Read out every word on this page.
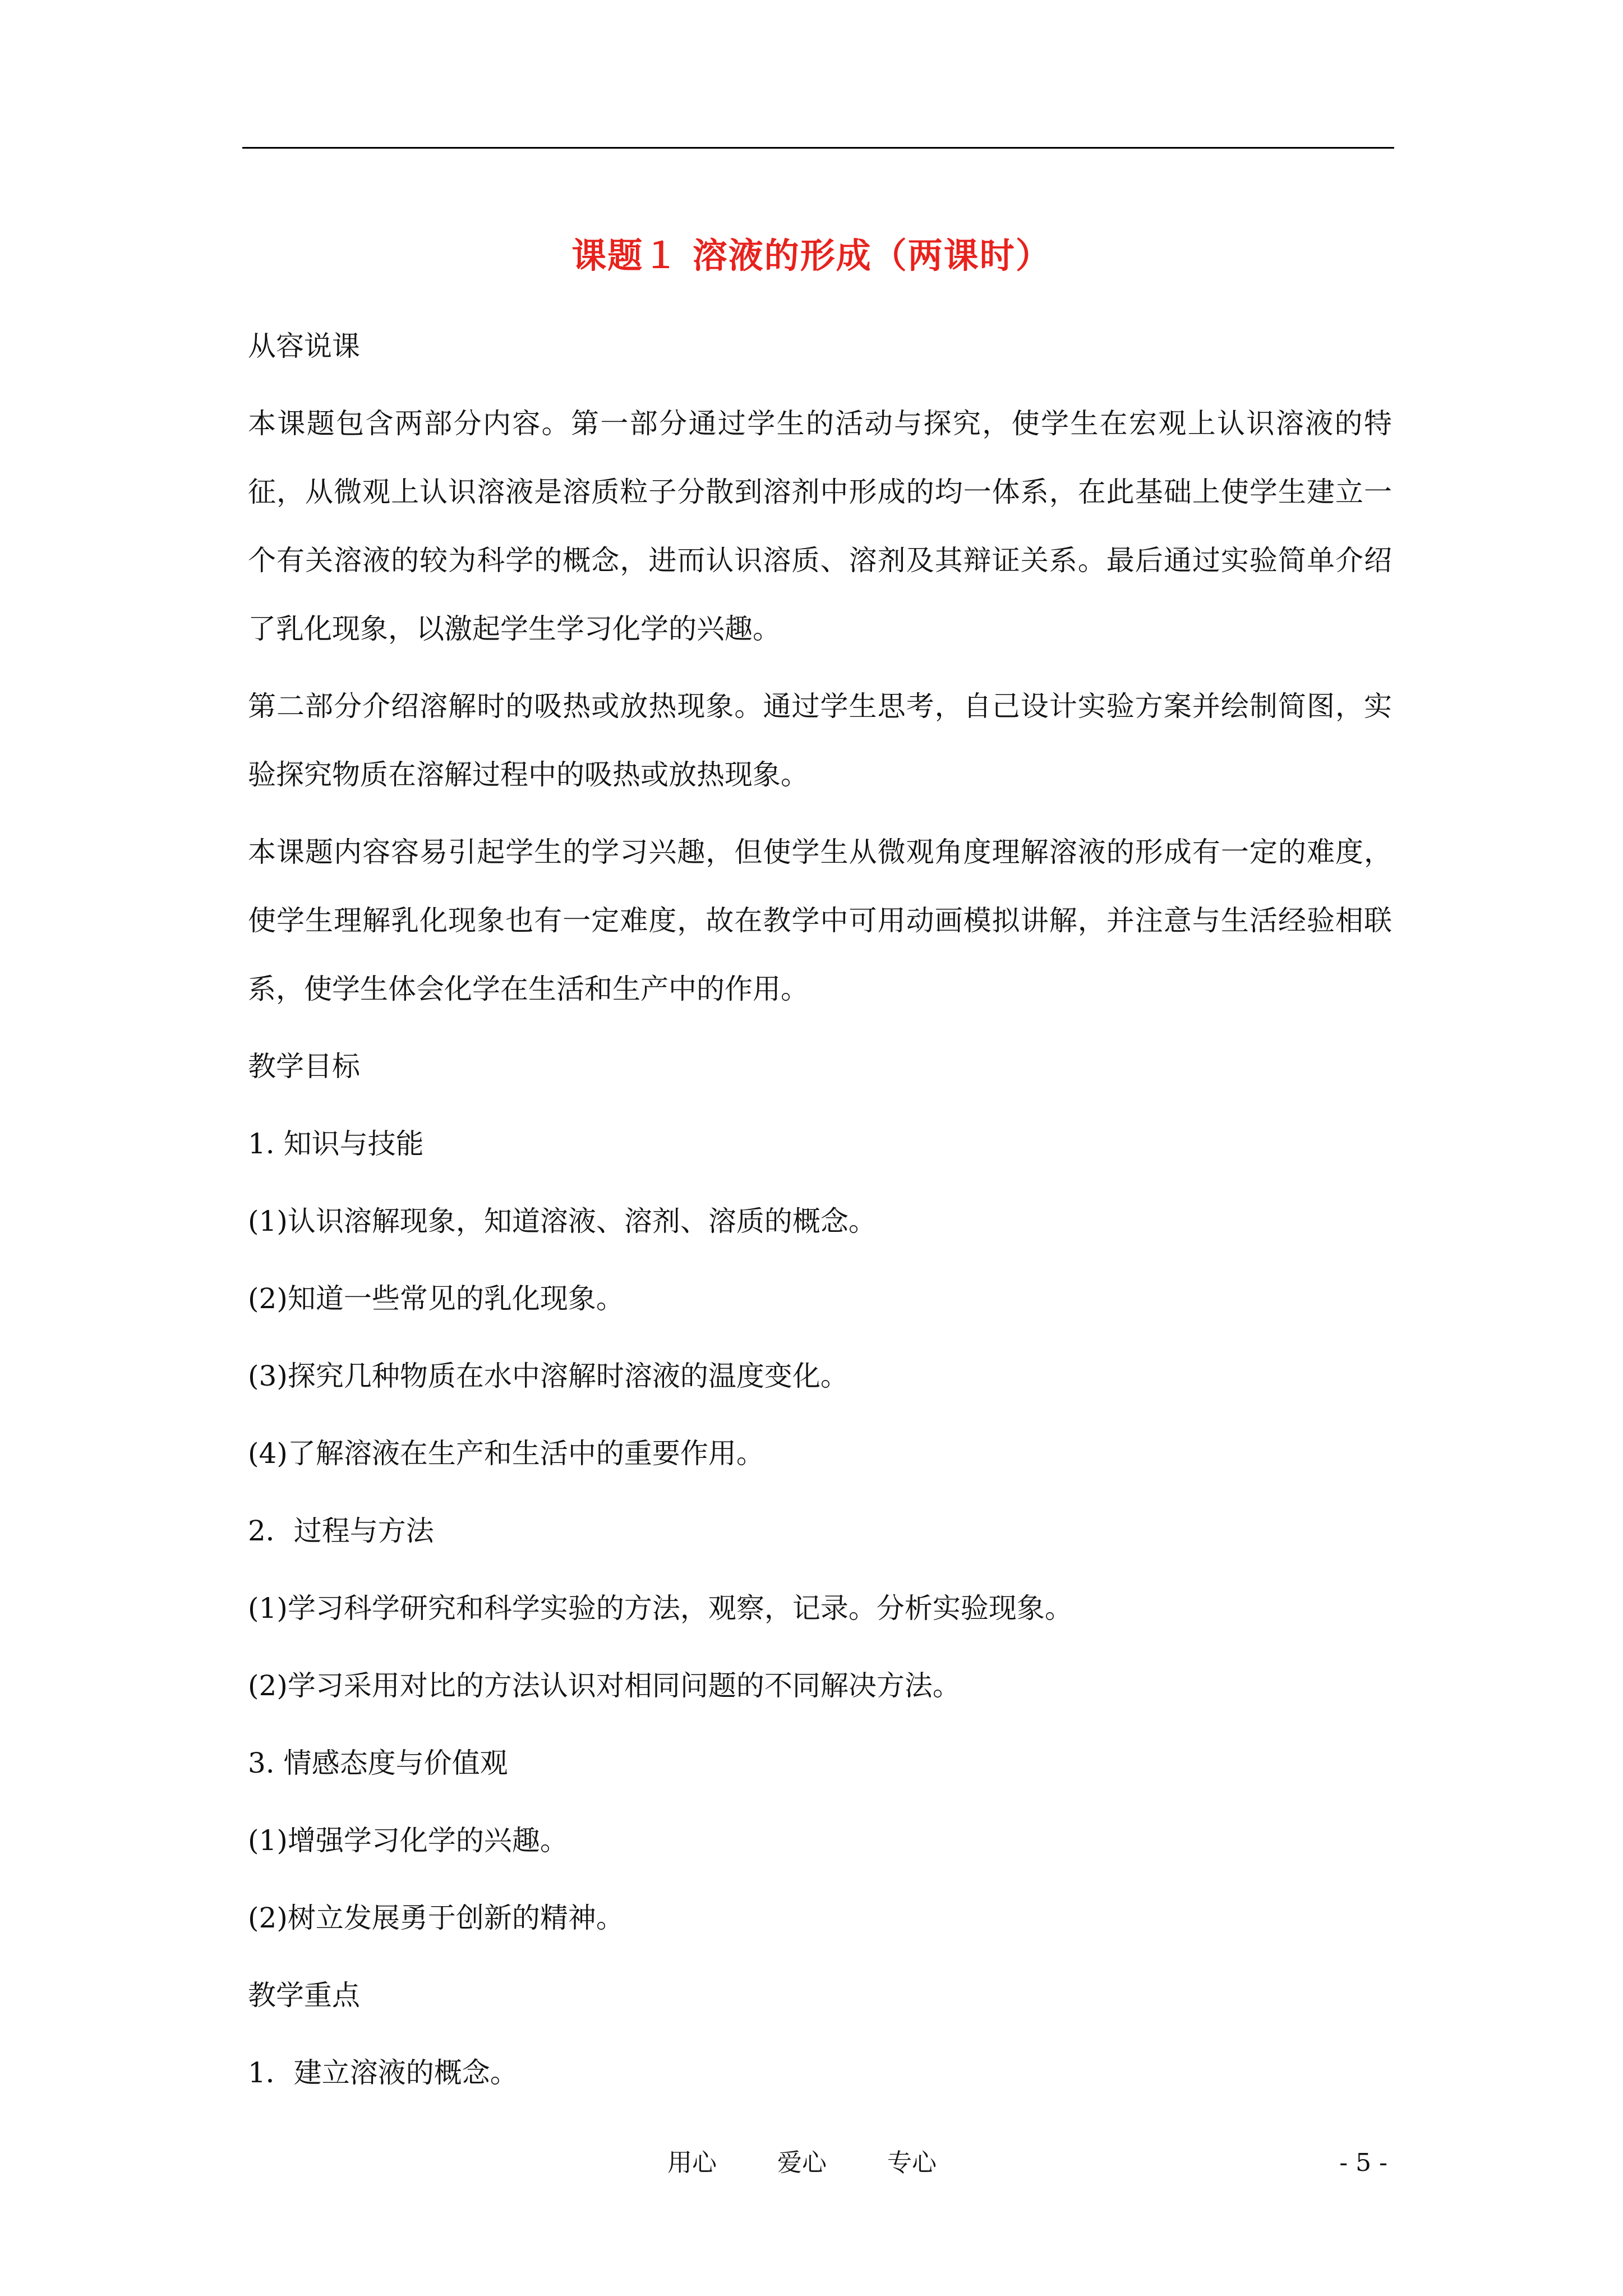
课题１ 溶液的形成（两课时）

从容说课

本课题包含两部分内容。第一部分通过学生的活动与探究，使学生在宏观上认识溶液的特征，从微观上认识溶液是溶质粒子分散到溶剂中形成的均一体系，在此基础上使学生建立一个有关溶液的较为科学的概念，进而认识溶质、溶剂及其辩证关系。最后通过实验简单介绍了乳化现象，以激起学生学习化学的兴趣。

第二部分介绍溶解时的吸热或放热现象。通过学生思考，自己设计实验方案并绘制简图，实验探究物质在溶解过程中的吸热或放热现象。

本课题内容容易引起学生的学习兴趣，但使学生从微观角度理解溶液的形成有一定的难度，使学生理解乳化现象也有一定难度，故在教学中可用动画模拟讲解，并注意与生活经验相联系，使学生体会化学在生活和生产中的作用。

教学目标

1. 知识与技能

(1)认识溶解现象，知道溶液、溶剂、溶质的概念。

(2)知道一些常见的乳化现象。

(3)探究几种物质在水中溶解时溶液的温度变化。

(4)了解溶液在生产和生活中的重要作用。

2．过程与方法

(1)学习科学研究和科学实验的方法，观察，记录。分析实验现象。

(2)学习采用对比的方法认识对相同问题的不同解决方法。

3. 情感态度与价值观

(1)增强学习化学的兴趣。

(2)树立发展勇于创新的精神。

教学重点

1．建立溶液的概念。

用心 爱心 专心	- 5 -
